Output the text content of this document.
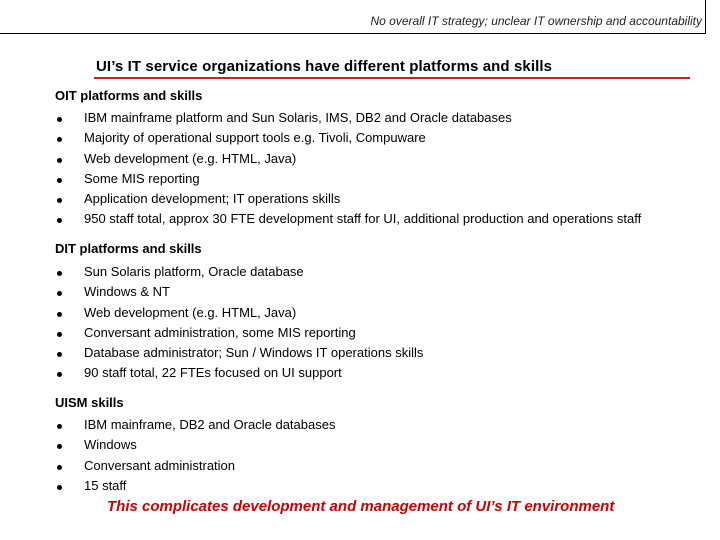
No overall IT strategy; unclear IT ownership and accountability
UI’s IT service organizations have different platforms and skills
OIT platforms and skills
IBM mainframe platform and Sun Solaris, IMS, DB2 and Oracle databases
Majority of operational support tools e.g. Tivoli, Compuware
Web development (e.g. HTML, Java)
Some MIS reporting
Application development; IT operations skills
950 staff total, approx 30 FTE development staff for UI, additional production and operations staff
DIT platforms and skills
Sun Solaris platform, Oracle database
Windows & NT
Web development (e.g. HTML, Java)
Conversant administration, some MIS reporting
Database administrator; Sun / Windows IT operations skills
90 staff total, 22 FTEs focused on UI support
UISM skills
IBM mainframe, DB2 and Oracle databases
Windows
Conversant administration
15 staff
This complicates development and management of UI’s IT environment
